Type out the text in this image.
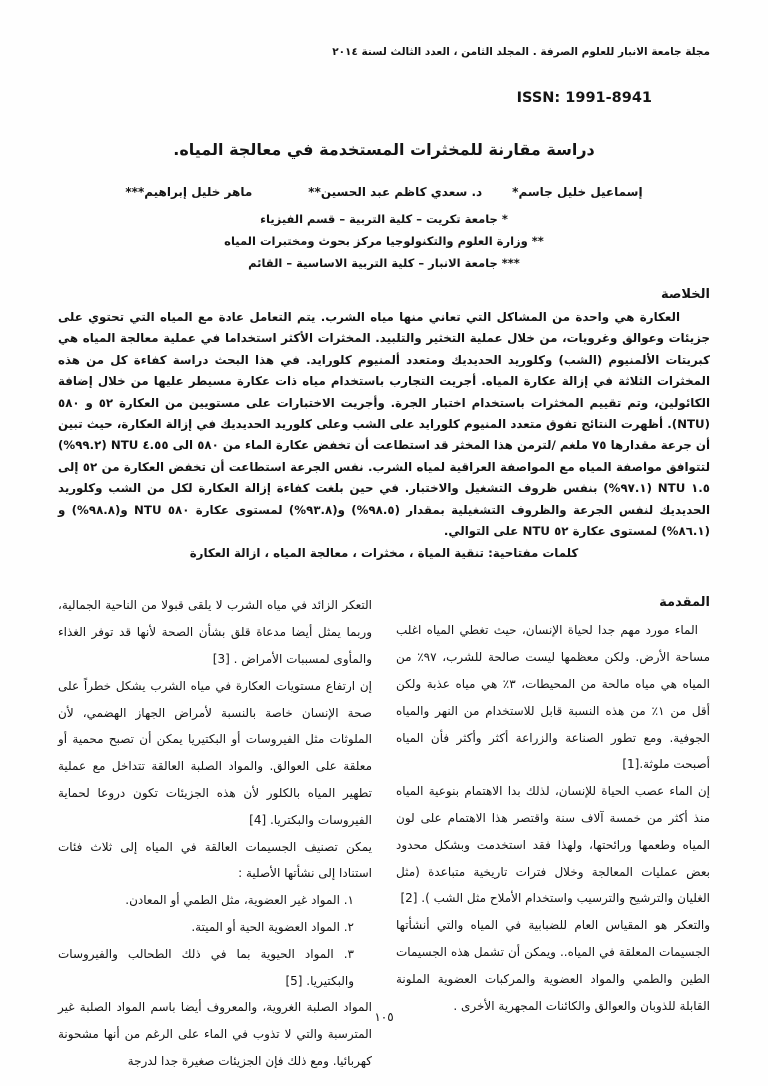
مجلة جامعة الانبار للعلوم الصرفة . المجلد الثامن ، العدد الثالث لسنة ٢٠١٤
ISSN: 1991-8941
دراسة مقارنة للمخثرات المستخدمة في معالجة المياه.
إسماعيل خليل جاسم*
د. سعدي كاظم عبد الحسين**
ماهر خليل إبراهيم***
* جامعة تكريت – كلية التربية – قسم الفيزياء
** وزارة العلوم والتكنولوجيا مركز بحوث ومختبرات المياه
*** جامعة الانبار – كلية التربية الاساسية – القائم
الخلاصة

العكارة هي واحدة من المشاكل التي تعاني منها مياه الشرب. يتم التعامل عادة مع المياه التي تحتوي على جزيئات وعوالق وغرويات، من خلال عملية التخثير والتلبيد. المخثرات الأكثر استخداما في عملية معالجة المياه هي كبريتات الألمنيوم (الشب) وكلوريد الحديديك ومتعدد ألمنيوم كلورايد. في هذا البحث دراسة كفاءة كل من هذه المخثرات الثلاثة في إزالة عكارة المياه. أجريت التجارب باستخدام مياه ذات عكارة مسيطر عليها من خلال إضافة الكائولين، وتم تقييم المخثرات باستخدام اختبار الجرة. وأجريت الاختبارات على مستويين من العكارة ٥٢ و ٥٨٠ (NTU). أظهرت النتائج تفوق متعدد المنيوم كلورايد على الشب وعلى كلوريد الحديديك في إزالة العكارة، حيث تبين أن جرعة مقدارها ٧٥ ملغم /لترمن هذا المخثر قد استطاعت أن تخفض عكارة الماء من ٥٨٠ الى ٤.٥٥ NTU (٩٩.٢%) لتتوافق مواصفة المياه مع المواصفة العراقية لمياه الشرب. نفس الجرعة استطاعت أن تخفض العكارة من ٥٢ إلى ١.٥ NTU (٩٧.١%) بنفس ظروف التشغيل والاختبار. في حين بلغت كفاءة إزالة العكارة لكل من الشب وكلوريد الحديديك لنفس الجرعة والظروف التشغيلية بمقدار (٩٨.٥%) و(٩٣.٨%) لمستوى عكارة ٥٨٠ NTU و(٩٨.٨%) و (٨٦.١%) لمستوى عكارة ٥٢ NTU على التوالي.

كلمات مفتاحية: تنقية المياة ، مخثرات ، معالجة المياه ، ازالة العكارة
المقدمة

الماء مورد مهم جدا لحياة الإنسان، حيث تغطي المياه اغلب مساحة الأرض. ولكن معظمها ليست صالحة للشرب، ٩٧٪ من المياه هي مياه مالحة من المحيطات، ٣٪ هي مياه عذبة ولكن أقل من ١٪ من هذه النسبة قابل للاستخدام من النهر والمياه الجوفية. ومع تطور الصناعة والزراعة أكثر وأكثر فأن المياه أصبحت ملوثة.[1]

إن الماء عصب الحياة للإنسان، لذلك بدا الاهتمام بنوعية المياه منذ أكثر من خمسة آلاف سنة واقتصر هذا الاهتمام على لون المياه وطعمها ورائحتها، ولهذا فقد استخدمت وبشكل محدود بعض عمليات المعالجة وخلال فترات تاريخية متباعدة (مثل الغليان والترشيح والترسيب واستخدام الأملاح مثل الشب ). [2]

والتعكر هو المقياس العام للضبابية في المياه والتي أنشأتها الجسيمات المعلقة في المياه.. ويمكن أن تشمل هذه الجسيمات الطين والطمي والمواد العضوية والمركبات العضوية الملونة القابلة للذوبان والعوالق والكائنات المجهرية الأخرى .

التعكر الزائد في مياه الشرب لا يلقى قبولا من الناحية الجمالية، وربما يمثل أيضا مدعاة قلق بشأن الصحة لأنها قد توفر الغذاء والمأوى لمسببات الأمراض . [3]

إن ارتفاع مستويات العكارة في مياه الشرب يشكل خطراً على صحة الإنسان خاصة بالنسبة لأمراض الجهاز الهضمي، لأن الملوثات مثل الفيروسات أو البكتيريا يمكن أن تصبح محمية أو معلقة على العوالق. والمواد الصلبة العالقة تتداخل مع عملية تطهير المياه بالكلور لأن هذه الجزيئات تكون دروعا لحماية الفيروسات والبكتريا. [4]

يمكن تصنيف الجسيمات العالقة في المياه إلى ثلاث فئات استنادا إلى نشأتها الأصلية :

١. المواد غير العضوية، مثل الطمي أو المعادن.

٢. المواد العضوية الحية أو الميتة.

٣. المواد الحيوية بما في ذلك الطحالب والفيروسات والبكتيريا. [5]

المواد الصلبة الغروية، والمعروف أيضا باسم المواد الصلبة غير المترسبة والتي لا تذوب في الماء على الرغم من أنها مشحونة كهربائيا. ومع ذلك فإن الجزيئات صغيرة جدا لدرجة

١٠٥
